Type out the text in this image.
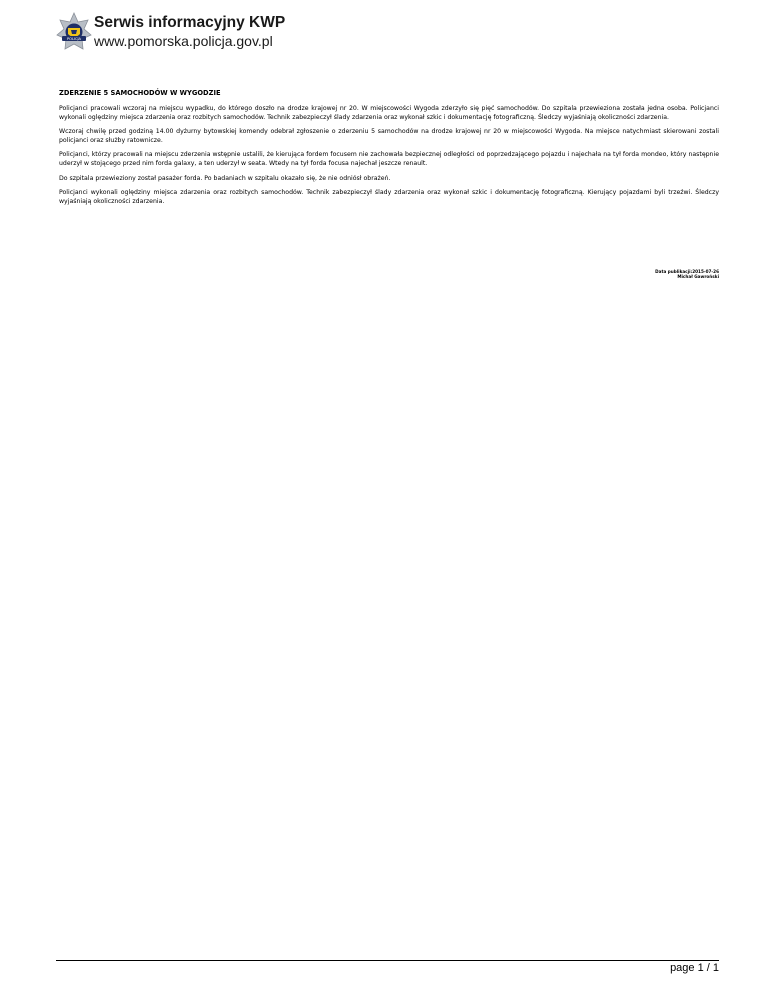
POLICJA
Serwis informacyjny KWP
www.pomorska.policja.gov.pl
ZDERZENIE 5 SAMOCHODÓW W WYGODZIE

Policjanci pracowali wczoraj na miejscu wypadku, do którego doszło na drodze krajowej nr 20. W miejscowości Wygoda zderzyło się pięć samochodów. Do szpitala przewieziona została jedna osoba. Policjanci wykonali oględziny miejsca zdarzenia oraz rozbitych samochodów. Technik zabezpieczył ślady zdarzenia oraz wykonał szkic i dokumentację fotograficzną. Śledczy wyjaśniają okoliczności zdarzenia.

Wczoraj chwilę przed godziną 14.00 dyżurny bytowskiej komendy odebrał zgłoszenie o zderzeniu 5 samochodów na drodze krajowej nr 20 w miejscowości Wygoda. Na miejsce natychmiast skierowani zostali policjanci oraz służby ratownicze.

Policjanci, którzy pracowali na miejscu zderzenia wstępnie ustalili, że kierująca fordem focusem nie zachowała bezpiecznej odległości od poprzedzającego pojazdu i najechała na tył forda mondeo, który następnie uderzył w stojącego przed nim forda galaxy, a ten uderzył w seata. Wtedy na tył forda focusa najechał jeszcze renault.

Do szpitala przewieziony został pasażer forda. Po badaniach w szpitalu okazało się, że nie odniósł obrażeń.

Policjanci wykonali oględziny miejsca zdarzenia oraz rozbitych samochodów. Technik zabezpieczył ślady zdarzenia oraz wykonał szkic i dokumentację fotograficzną. Kierujący pojazdami byli trzeźwi. Śledczy wyjaśniają okoliczności zdarzenia.

Data publikacji:2015-07-26
Michał Gawroński
page 1 / 1
